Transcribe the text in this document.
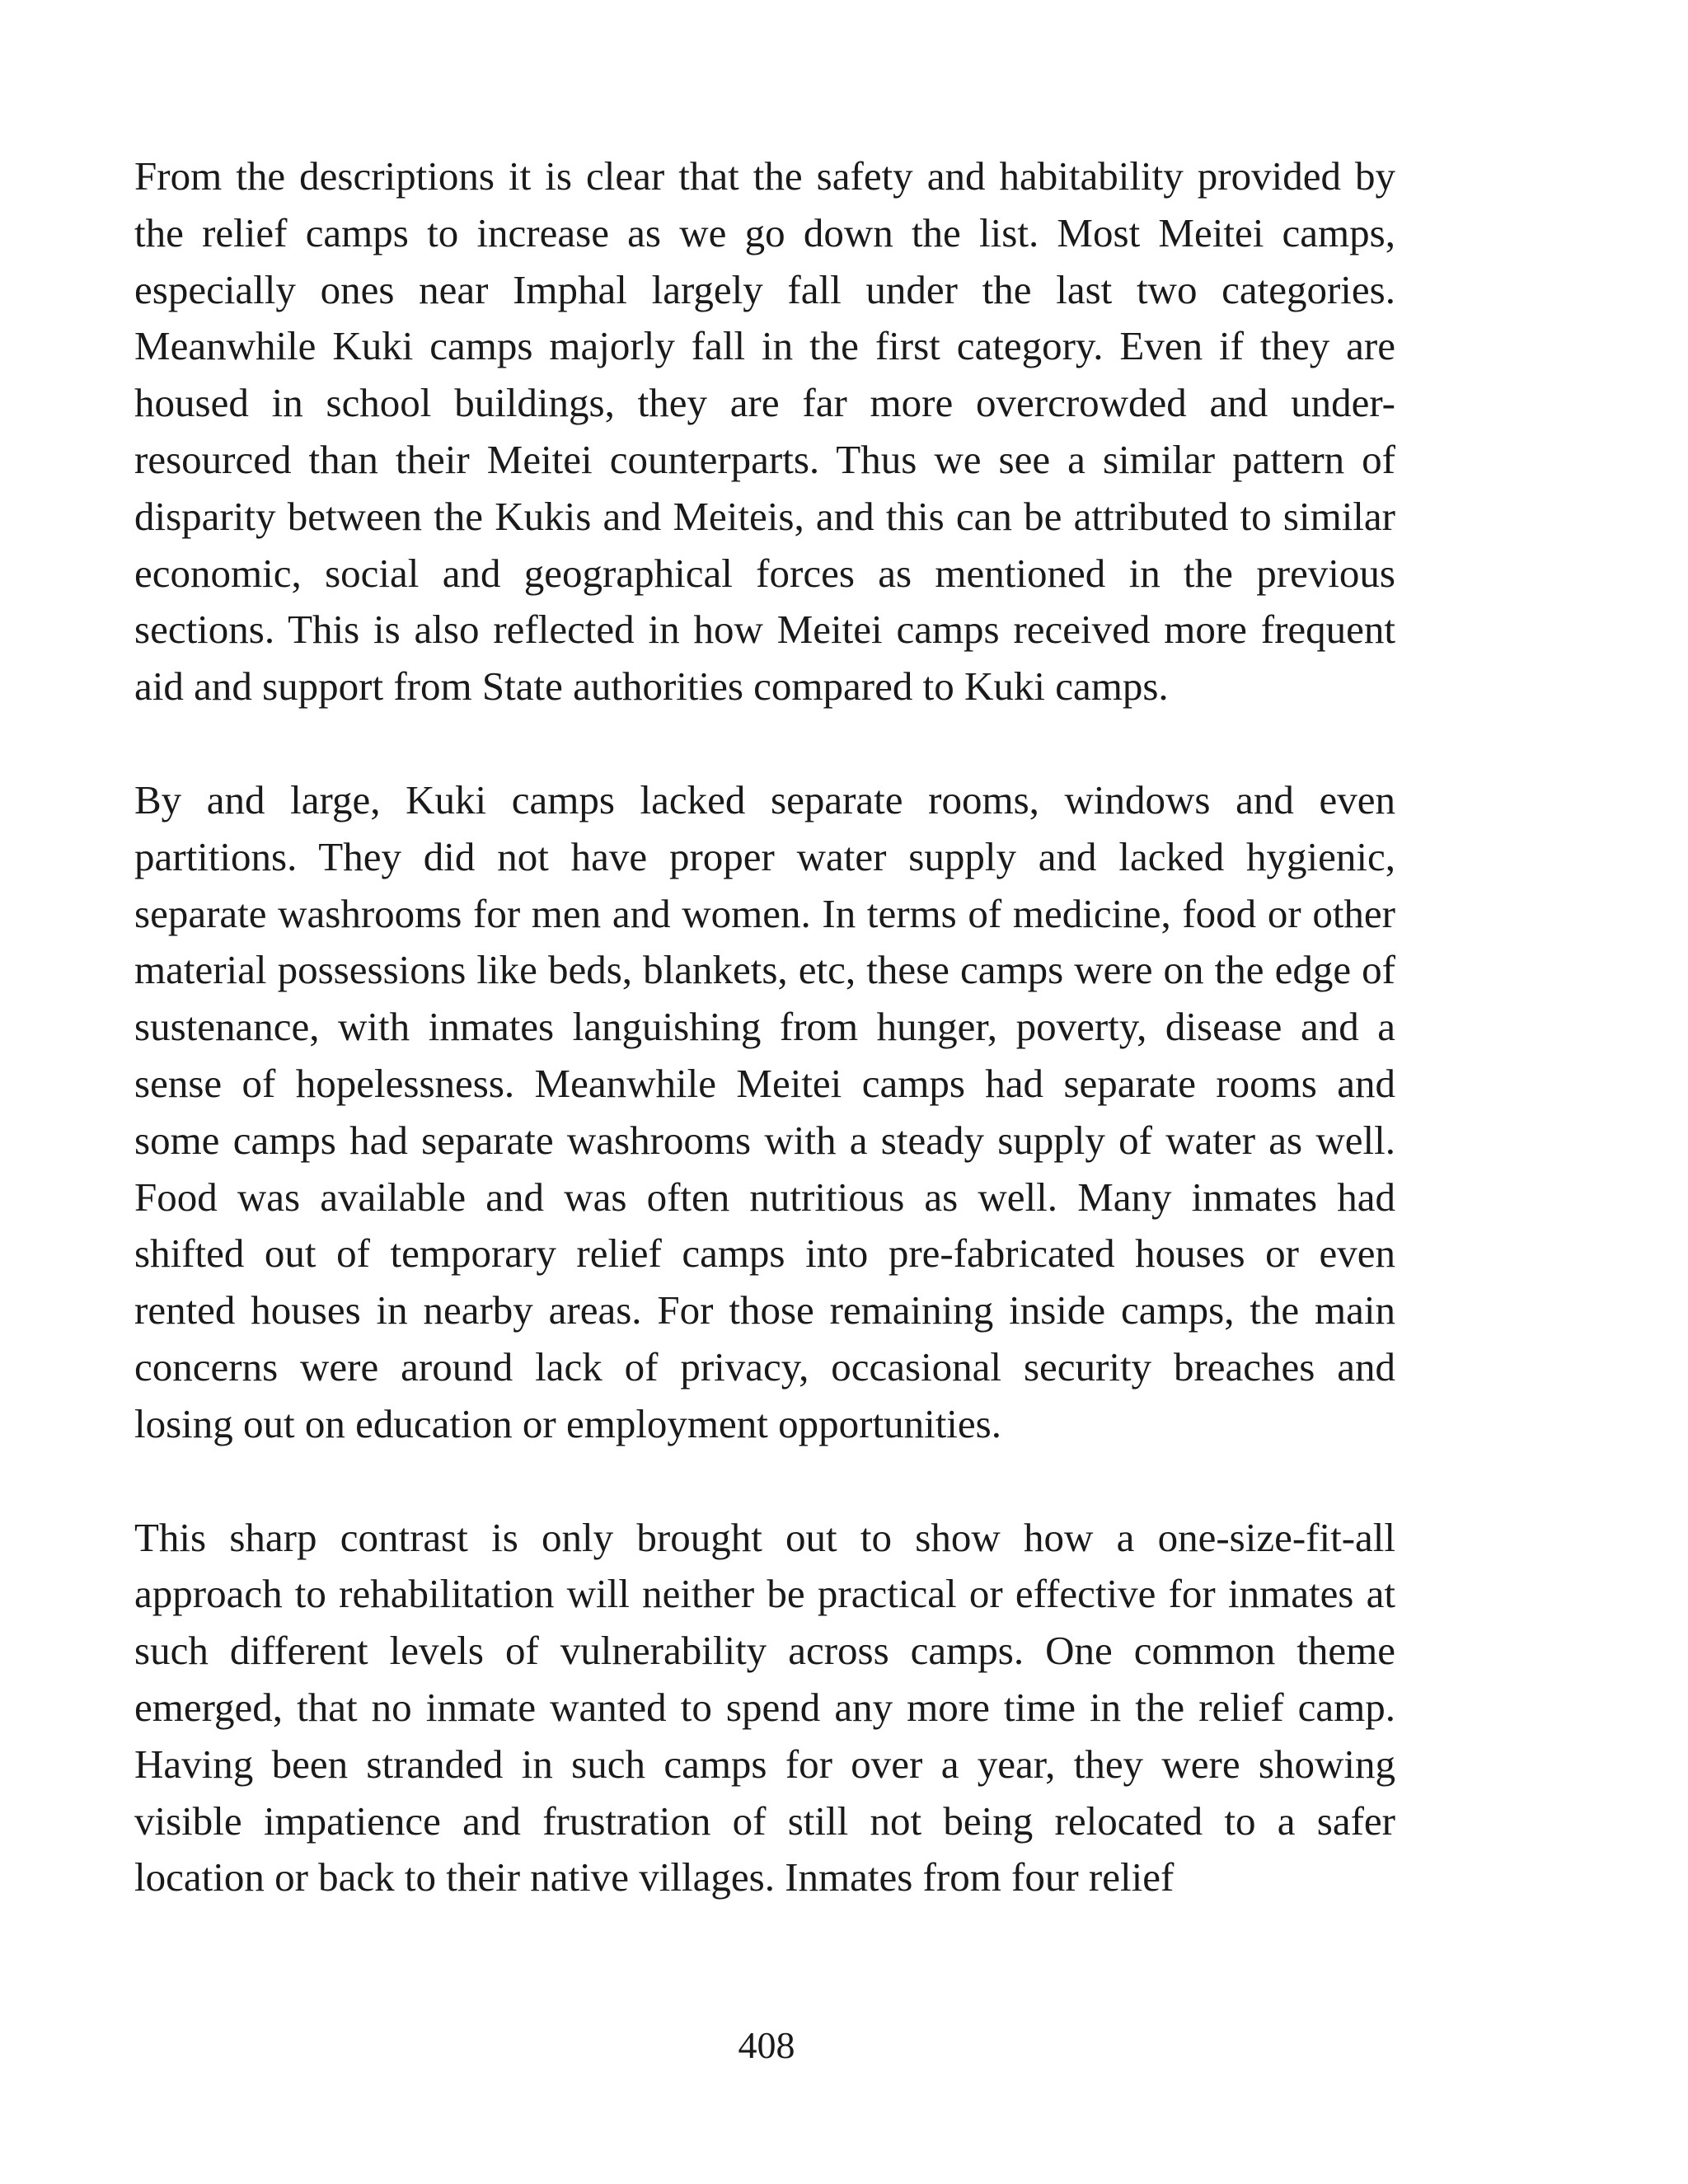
From the descriptions it is clear that the safety and habitability provided by the relief camps to increase as we go down the list. Most Meitei camps, especially ones near Imphal largely fall under the last two categories. Meanwhile Kuki camps majorly fall in the first category. Even if they are housed in school buildings, they are far more overcrowded and under-resourced than their Meitei counterparts. Thus we see a similar pattern of disparity between the Kukis and Meiteis, and this can be attributed to similar economic, social and geographical forces as mentioned in the previous sections. This is also reflected in how Meitei camps received more frequent aid and support from State authorities compared to Kuki camps.

By and large, Kuki camps lacked separate rooms, windows and even partitions. They did not have proper water supply and lacked hygienic, separate washrooms for men and women. In terms of medicine, food or other material possessions like beds, blankets, etc, these camps were on the edge of sustenance, with inmates languishing from hunger, poverty, disease and a sense of hopelessness. Meanwhile Meitei camps had separate rooms and some camps had separate washrooms with a steady supply of water as well. Food was available and was often nutritious as well. Many inmates had shifted out of temporary relief camps into pre-fabricated houses or even rented houses in nearby areas. For those remaining inside camps, the main concerns were around lack of privacy, occasional security breaches and losing out on education or employment opportunities.

This sharp contrast is only brought out to show how a one-size-fit-all approach to rehabilitation will neither be practical or effective for inmates at such different levels of vulnerability across camps. One common theme emerged, that no inmate wanted to spend any more time in the relief camp. Having been stranded in such camps for over a year, they were showing visible impatience and frustration of still not being relocated to a safer location or back to their native villages. Inmates from four relief

408
